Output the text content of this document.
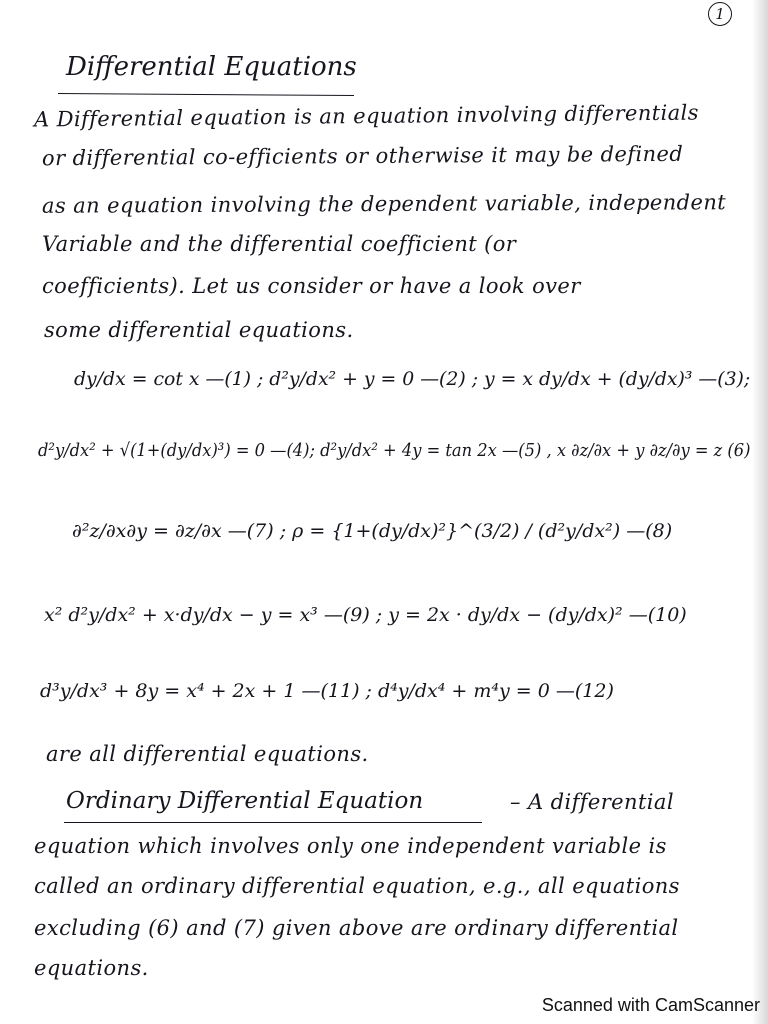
1
Differential Equations

A Differential equation is an equation involving differentials

or differential co-efficients or otherwise it may be defined

as an equation involving the dependent variable, independent

Variable and the differential coefficient (or

coefficients). Let us consider or have a look over

some differential equations.

dy/dx = cot x —(1) ; d²y/dx² + y = 0 —(2) ; y = x dy/dx + (dy/dx)³ —(3);

d²y/dx² + √(1+(dy/dx)³) = 0 —(4); d²y/dx² + 4y = tan 2x —(5) , x ∂z/∂x + y ∂z/∂y = z (6)

∂²z/∂x∂y = ∂z/∂x —(7) ; ρ = {1+(dy/dx)²}^(3/2) / (d²y/dx²) —(8)

x² d²y/dx² + x·dy/dx − y = x³ —(9) ; y = 2x · dy/dx − (dy/dx)² —(10)

d³y/dx³ + 8y = x⁴ + 2x + 1 —(11) ; d⁴y/dx⁴ + m⁴y = 0 —(12)

are all differential equations.

Ordinary Differential Equation	– A differential

equation which involves only one independent variable is

called an ordinary differential equation, e.g., all equations

excluding (6) and (7) given above are ordinary differential

equations.

Scanned with CamScanner
